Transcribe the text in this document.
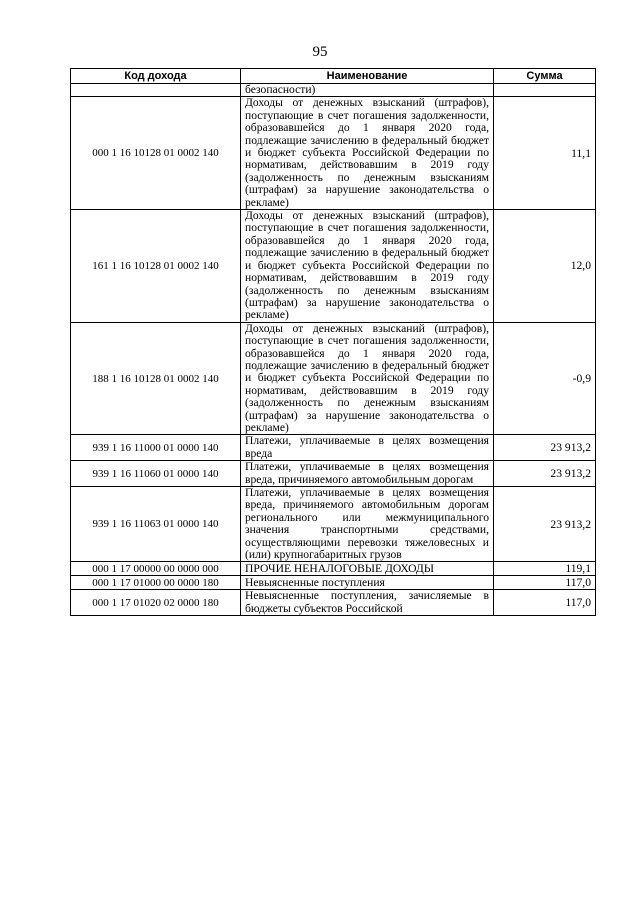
95
Код дохода	Наименование	Сумма
	безопасности)	
000 1 16 10128 01 0002 140	Доходы от денежных взысканий (штрафов), поступающие в счет погашения задолженности, образовавшейся до 1 января 2020 года, подлежащие зачислению в федеральный бюджет и бюджет субъекта Российской Федерации по нормативам, действовавшим в 2019 году (задолженность по денежным взысканиям (штрафам) за нарушение законодательства о рекламе)	11,1
161 1 16 10128 01 0002 140	Доходы от денежных взысканий (штрафов), поступающие в счет погашения задолженности, образовавшейся до 1 января 2020 года, подлежащие зачислению в федеральный бюджет и бюджет субъекта Российской Федерации по нормативам, действовавшим в 2019 году (задолженность по денежным взысканиям (штрафам) за нарушение законодательства о рекламе)	12,0
188 1 16 10128 01 0002 140	Доходы от денежных взысканий (штрафов), поступающие в счет погашения задолженности, образовавшейся до 1 января 2020 года, подлежащие зачислению в федеральный бюджет и бюджет субъекта Российской Федерации по нормативам, действовавшим в 2019 году (задолженность по денежным взысканиям (штрафам) за нарушение законодательства о рекламе)	-0,9
939 1 16 11000 01 0000 140	Платежи, уплачиваемые в целях возмещения вреда	23 913,2
939 1 16 11060 01 0000 140	Платежи, уплачиваемые в целях возмещения вреда, причиняемого автомобильным дорогам	23 913,2
939 1 16 11063 01 0000 140	Платежи, уплачиваемые в целях возмещения вреда, причиняемого автомобильным дорогам регионального или межмуниципального значения транспортными средствами, осуществляющими перевозки тяжеловесных и (или) крупногабаритных грузов	23 913,2
000 1 17 00000 00 0000 000	ПРОЧИЕ НЕНАЛОГОВЫЕ ДОХОДЫ	119,1
000 1 17 01000 00 0000 180	Невыясненные поступления	117,0
000 1 17 01020 02 0000 180	Невыясненные поступления, зачисляемые в бюджеты субъектов Российской	117,0
